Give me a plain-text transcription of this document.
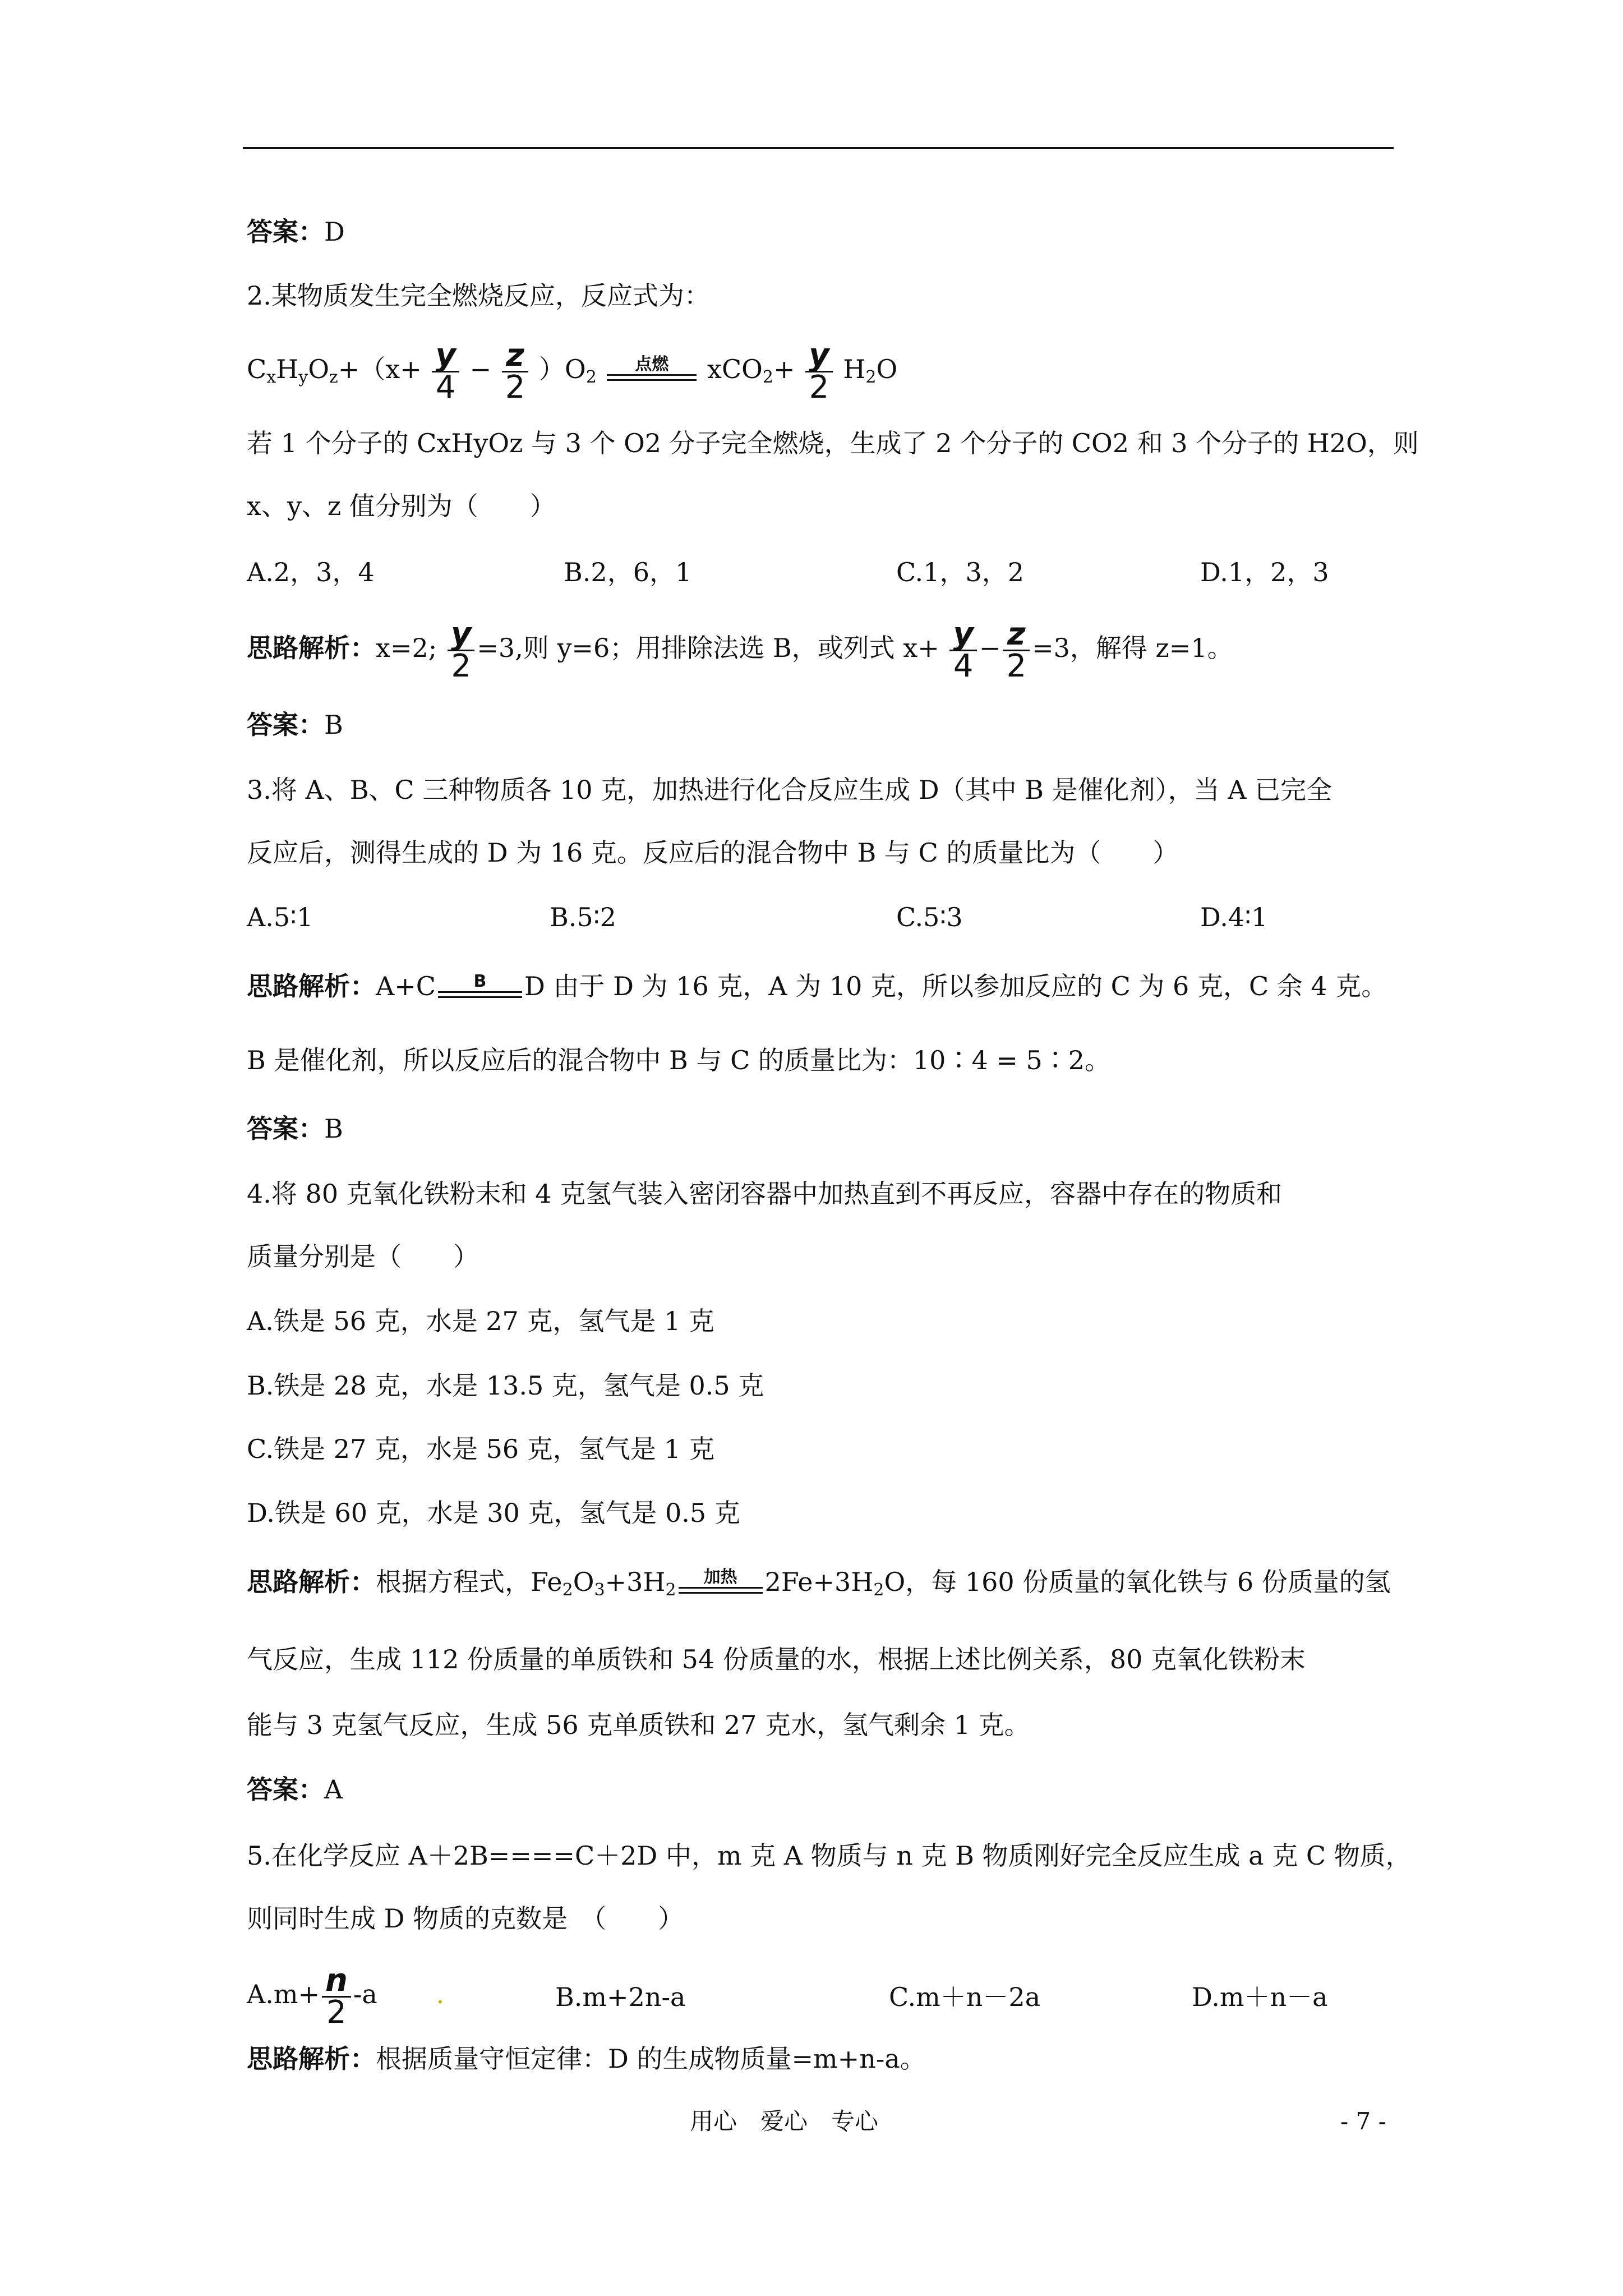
答案：D
2.某物质发生完全燃烧反应，反应式为：
$C_xH_yO_z+(x+ \frac{y}{4} - \frac{z}{2} )O_2$
点燃	$xCO_2+ \frac{y}{2} H_2O$
若 1 个分子的 CxHyOz 与 3 个 O2 分子完全燃烧，生成了 2 个分子的 CO2 和 3 个分子的 H2O，则
x、y、z 值分别为（　　）
A.2，3，4	B.2，6，1	C.1，3，2	D.1，2，3
思路解析：x=2; $\frac{y}{2} =3$,则 y=6；用排除法选 B，或列式 $x+ \frac{y}{4} - \frac{z}{2} =3$，解得 z=1。
答案：B
3.将 A、B、C 三种物质各 10 克，加热进行化合反应生成 D（其中 B 是催化剂），当 A 已完全
反应后，测得生成的 D 为 16 克。反应后的混合物中 B 与 C 的质量比为（　　）
A.5∶1	B.5∶2	C.5∶3	D.4∶1
思路解析：A+C	B	D 由于 D 为 16 克，A 为 10 克，所以参加反应的 C 为 6 克，C 余 4 克。
B 是催化剂，所以反应后的混合物中 B 与 C 的质量比为：10∶4 = 5∶2。
答案：B
4.将 80 克氧化铁粉末和 4 克氢气装入密闭容器中加热直到不再反应，容器中存在的物质和
质量分别是（　　）
A.铁是 56 克，水是 27 克，氢气是 1 克
B.铁是 28 克，水是 13.5 克，氢气是 0.5 克
C.铁是 27 克，水是 56 克，氢气是 1 克
D.铁是 60 克，水是 30 克，氢气是 0.5 克
思路解析：根据方程式，$Fe_2O_3+3H_2$
加热	$2Fe+3H_2O$，每 160 份质量的氧化铁与 6 份质量的氢
气反应，生成 112 份质量的单质铁和 54 份质量的水，根据上述比例关系，80 克氧化铁粉末
能与 3 克氢气反应，生成 56 克单质铁和 27 克水，氢气剩余 1 克。
答案：A
5.在化学反应 A＋2B====C＋2D 中，m 克 A 物质与 n 克 B 物质刚好完全反应生成 a 克 C 物质，
则同时生成 D 物质的克数是　（　　）
$A.m+ \frac{n}{2} -a$ .	B.m+2n-a	C.m＋n－2a	D.m＋n－a
思路解析：根据质量守恒定律：D 的生成物质量=m+n-a。
用心　爱心　专心	- 7 -
